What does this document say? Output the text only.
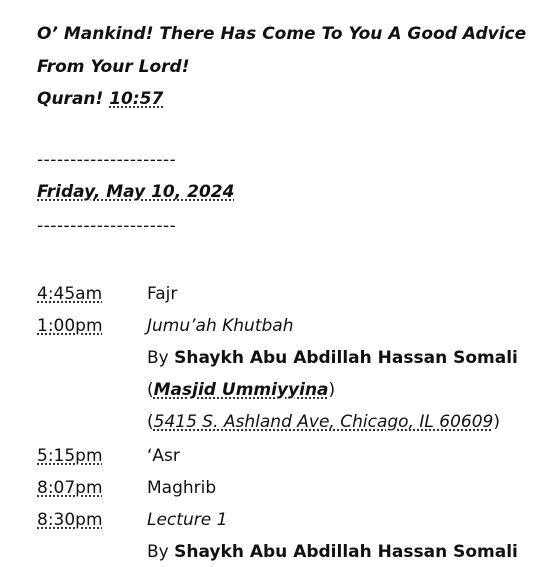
O’ Mankind! There Has Come To You A Good Advice
From Your Lord!
Quran! 10:57
---------------------
Friday, May 10, 2024
---------------------
4:45am	Fajr
1:00pm	Jumu’ah Khutbah
By Shaykh Abu Abdillah Hassan Somali
(Masjid Ummiyyina)
(5415 S. Ashland Ave, Chicago, IL 60609)
5:15pm	‘Asr
8:07pm	Maghrib
8:30pm	Lecture 1
By Shaykh Abu Abdillah Hassan Somali
